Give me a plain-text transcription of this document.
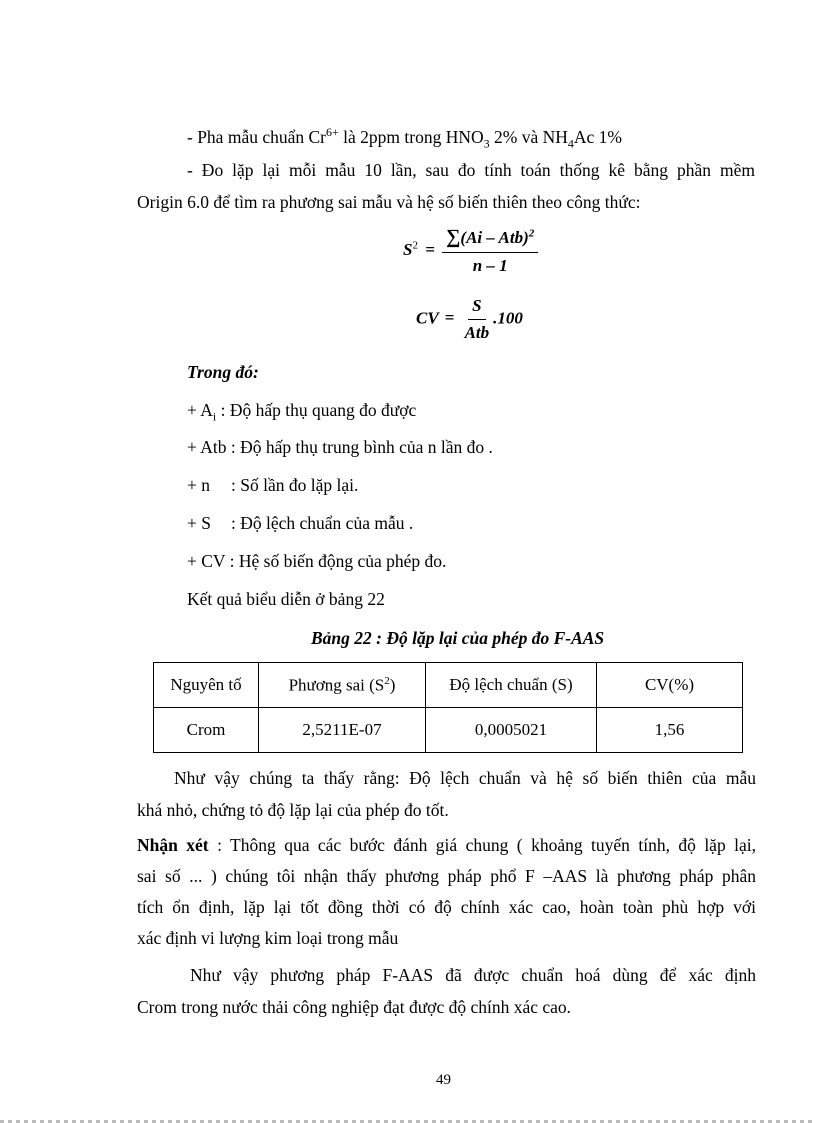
- Pha mẫu chuẩn $Cr^{6+}$ là 2ppm trong $HNO_3$ 2% và $NH_4Ac$ 1%
- Đo lặp lại mỗi mẫu 10 lần, sau đo tính toán thống kê bằng phần mềm
Origin 6.0 để tìm ra phương sai mẫu và hệ số biến thiên theo công thức:
$S^2 = \frac{\sum(Ai - Atb)^2}{n - 1}$
CV = $\frac{S}{\text{Atb}} .100$
Trong đó:
+ $A_i$ : Độ hấp thụ quang đo được
+ Atb : Độ hấp thụ trung bình của n lần đo .
+ n : Số lần đo lặp lại.
+ S : Độ lệch chuẩn của mẫu .
+ CV : Hệ số biến động của phép đo.
Kết quả biểu diễn ở bảng 22
Bảng 22 : Độ lặp lại của phép đo F-AAS
Nguyên tố	Phương sai $(S^2)$	Độ lệch chuẩn (S)	CV(%)
Crom	2,5211E-07	0,0005021	1,56
Như vậy chúng ta thấy rằng: Độ lệch chuẩn và hệ số biến thiên của mẫu
khá nhỏ, chứng tỏ độ lặp lại của phép đo tốt.
Nhận xét : Thông qua các bước đánh giá chung ( khoảng tuyến tính, độ lặp lại,
sai số ... ) chúng tôi nhận thấy phương pháp phổ F –AAS là phương pháp phân
tích ổn định, lặp lại tốt đồng thời có độ chính xác cao, hoàn toàn phù hợp với
xác định vi lượng kim loại trong mẫu
Như vậy phương pháp F-AAS đã được chuẩn hoá dùng để xác định
Crom trong nước thải công nghiệp đạt được độ chính xác cao.
49
